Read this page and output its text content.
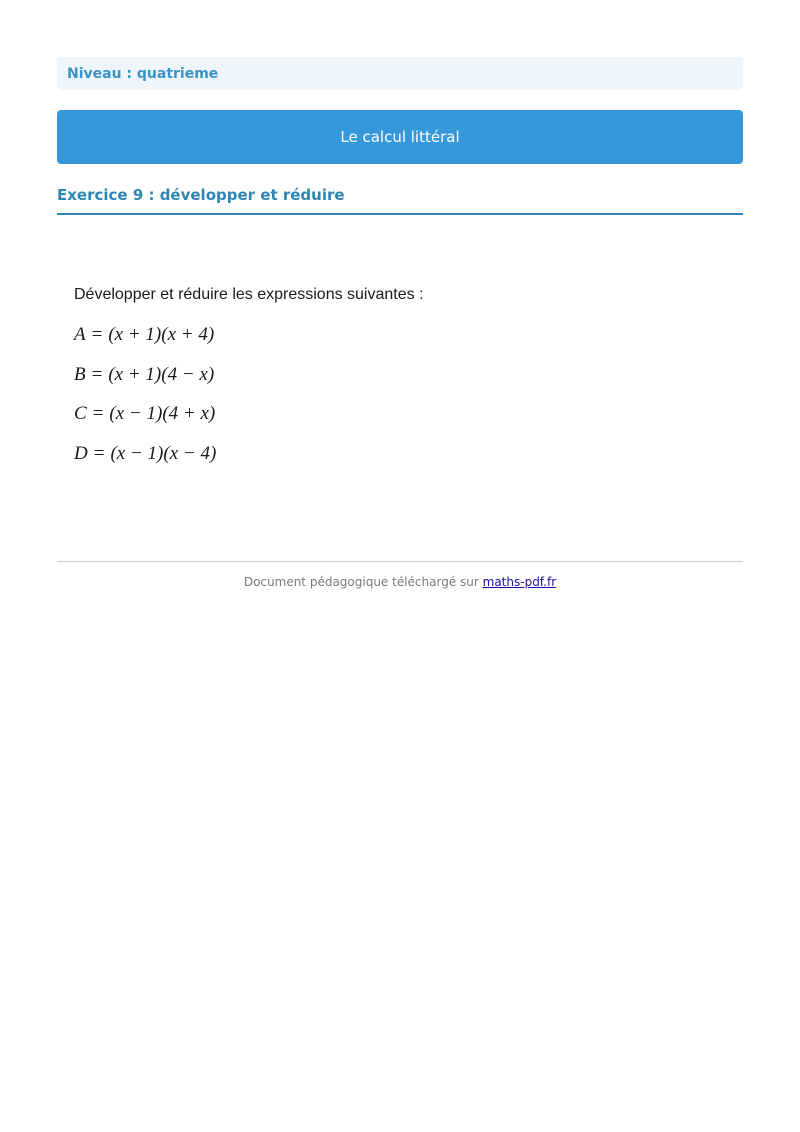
Niveau : quatrieme
Le calcul littéral
Exercice 9 : développer et réduire
Développer et réduire les expressions suivantes :
A = (x + 1)(x + 4)
B = (x + 1)(4 − x)
C = (x − 1)(4 + x)
D = (x − 1)(x − 4)
Document pédagogique téléchargé sur maths-pdf.fr
